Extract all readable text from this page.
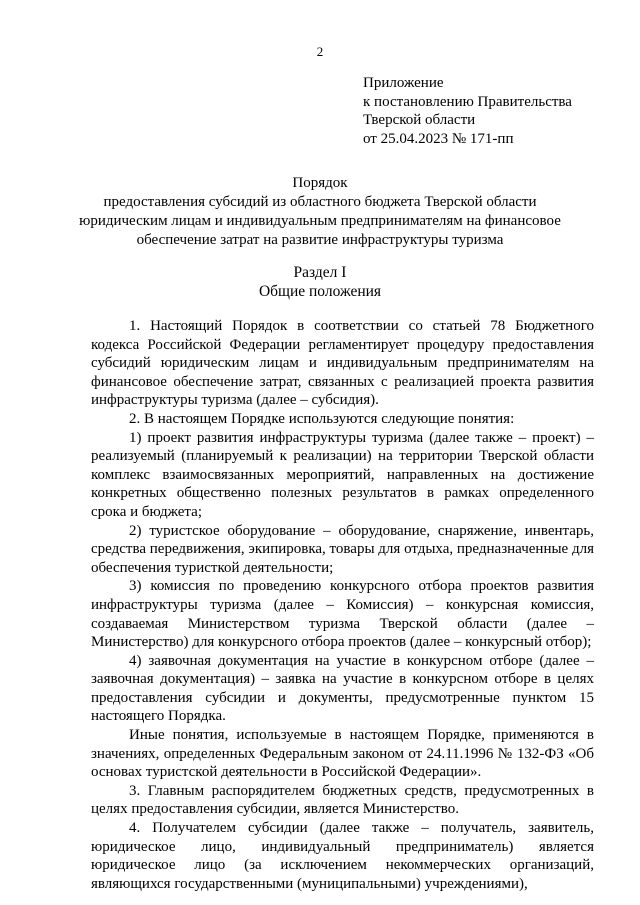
2
Приложение
к постановлению Правительства
Тверской области
от 25.04.2023 № 171-пп
Порядок
предоставления субсидий из областного бюджета Тверской области
юридическим лицам и индивидуальным предпринимателям на финансовое
обеспечение затрат на развитие инфраструктуры туризма
Раздел I
Общие положения

1. Настоящий Порядок в соответствии со статьей 78 Бюджетного кодекса Российской Федерации регламентирует процедуру предоставления субсидий юридическим лицам и индивидуальным предпринимателям на финансовое обеспечение затрат, связанных с реализацией проекта развития инфраструктуры туризма (далее – субсидия).

2. В настоящем Порядке используются следующие понятия:

1) проект развития инфраструктуры туризма (далее также – проект) – реализуемый (планируемый к реализации) на территории Тверской области комплекс взаимосвязанных мероприятий, направленных на достижение конкретных общественно полезных результатов в рамках определенного срока и бюджета;

2) туристское оборудование – оборудование, снаряжение, инвентарь, средства передвижения, экипировка, товары для отдыха, предназначенные для обеспечения туристкой деятельности;

3) комиссия по проведению конкурсного отбора проектов развития инфраструктуры туризма (далее – Комиссия) – конкурсная комиссия, создаваемая Министерством туризма Тверской области (далее – Министерство) для конкурсного отбора проектов (далее – конкурсный отбор);

4) заявочная документация на участие в конкурсном отборе (далее – заявочная документация) – заявка на участие в конкурсном отборе в целях предоставления субсидии и документы, предусмотренные пунктом 15 настоящего Порядка.

Иные понятия, используемые в настоящем Порядке, применяются в значениях, определенных Федеральным законом от 24.11.1996 № 132-ФЗ «Об основах туристской деятельности в Российской Федерации».

3. Главным распорядителем бюджетных средств, предусмотренных в целях предоставления субсидии, является Министерство.

4. Получателем субсидии (далее также – получатель, заявитель, юридическое лицо, индивидуальный предприниматель) является юридическое лицо (за исключением некоммерческих организаций, являющихся государственными (муниципальными) учреждениями),
